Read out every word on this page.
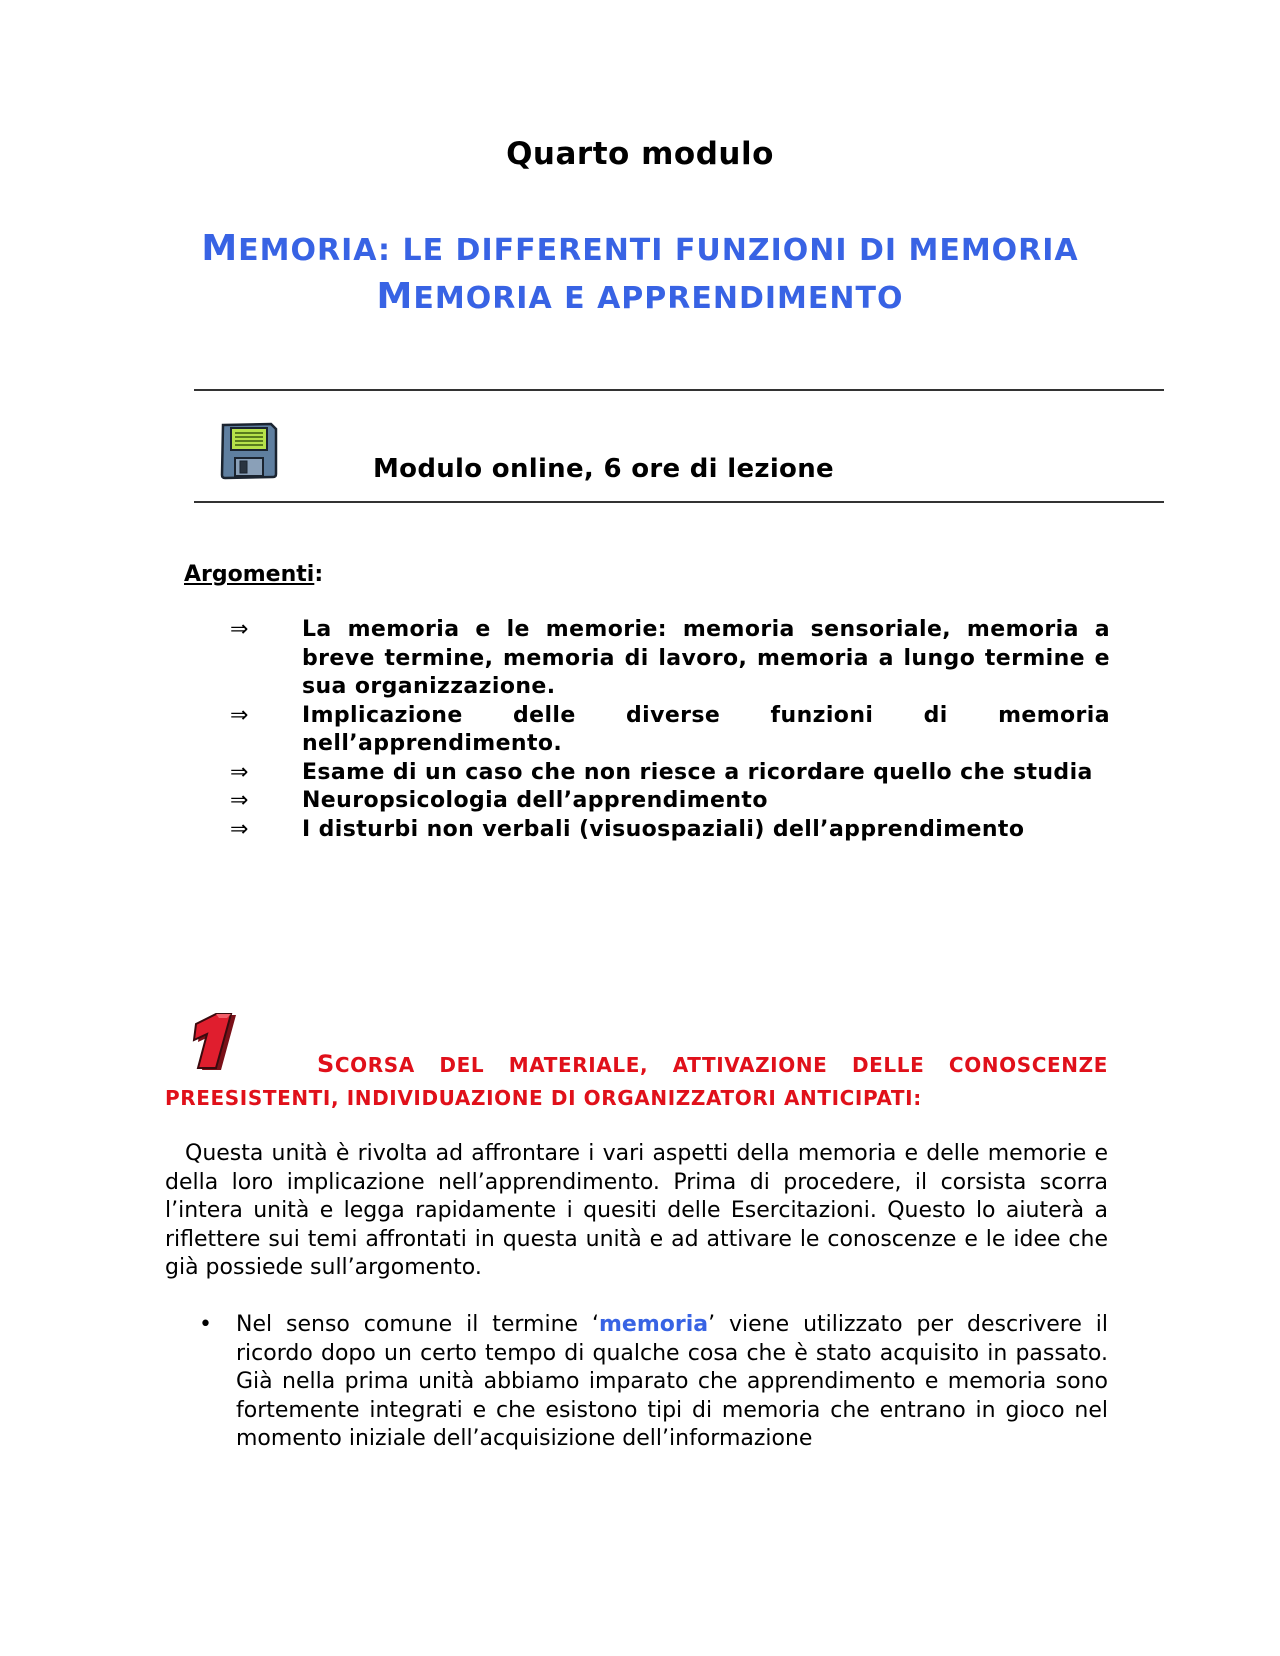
Quarto modulo
MEMORIA: LE DIFFERENTI FUNZIONI DI MEMORIA
MEMORIA E APPRENDIMENTO
Modulo online, 6 ore di lezione
Argomenti:
⇒ La memoria e le memorie: memoria sensoriale, memoria a breve termine, memoria di lavoro, memoria a lungo termine e sua organizzazione.
⇒ Implicazione delle diverse funzioni di memoria nell’apprendimento.
⇒ Esame di un caso che non riesce a ricordare quello che studia
⇒ Neuropsicologia dell’apprendimento
⇒ I disturbi non verbali (visuospaziali) dell’apprendimento
SCORSA DEL MATERIALE, ATTIVAZIONE DELLE CONOSCENZE
PREESISTENTI, INDIVIDUAZIONE DI ORGANIZZATORI ANTICIPATI:
Questa unità è rivolta ad affrontare i vari aspetti della memoria e delle memorie e della loro implicazione nell’apprendimento. Prima di procedere, il corsista scorra l’intera unità e legga rapidamente i quesiti delle Esercitazioni. Questo lo aiuterà a riflettere sui temi affrontati in questa unità e ad attivare le conoscenze e le idee che già possiede sull’argomento.
• Nel senso comune il termine ‘memoria’ viene utilizzato per descrivere il ricordo dopo un certo tempo di qualche cosa che è stato acquisito in passato. Già nella prima unità abbiamo imparato che apprendimento e memoria sono fortemente integrati e che esistono tipi di memoria che entrano in gioco nel momento iniziale dell’acquisizione dell’informazione
